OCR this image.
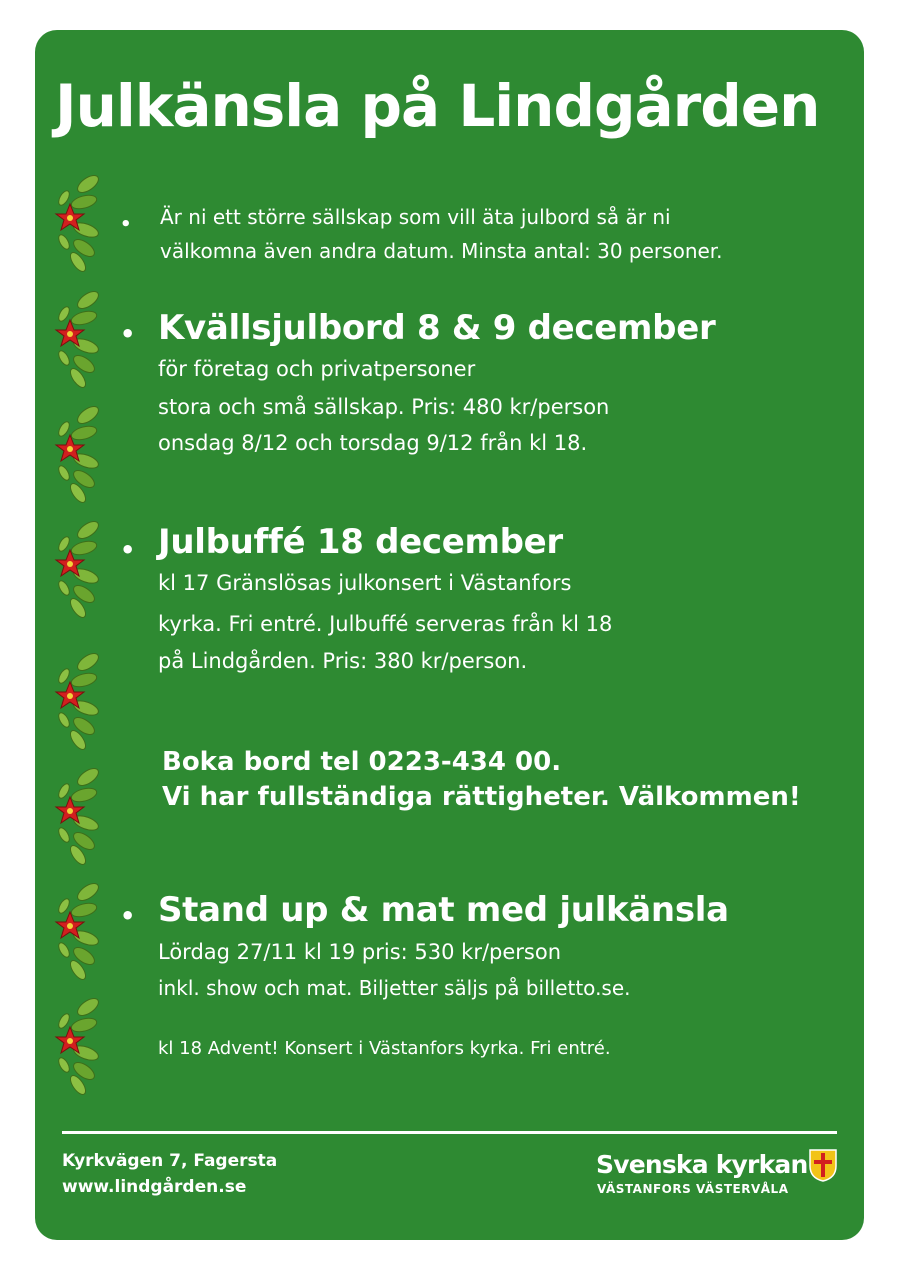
Julkänsla på Lindgården
• Är ni ett större sällskap som vill äta julbord så är ni
välkomna även andra datum. Minsta antal: 30 personer.
• Kvällsjulbord 8 & 9 december
för företag och privatpersoner
stora och små sällskap. Pris: 480 kr/person
onsdag 8/12 och torsdag 9/12 från kl 18.
• Julbuffé 18 december
kl 17 Gränslösas julkonsert i Västanfors
kyrka. Fri entré. Julbuffé serveras från kl 18
på Lindgården. Pris: 380 kr/person.
Boka bord tel 0223-434 00.
Vi har fullständiga rättigheter. Välkommen!
• Stand up & mat med julkänsla
Lördag 27/11 kl 19 pris: 530 kr/person
inkl. show och mat. Biljetter säljs på billetto.se.
kl 18 Advent! Konsert i Västanfors kyrka. Fri entré.
Kyrkvägen 7, Fagersta
www.lindgården.se
Svenska kyrkan
VÄSTANFORS VÄSTERVÅLA
